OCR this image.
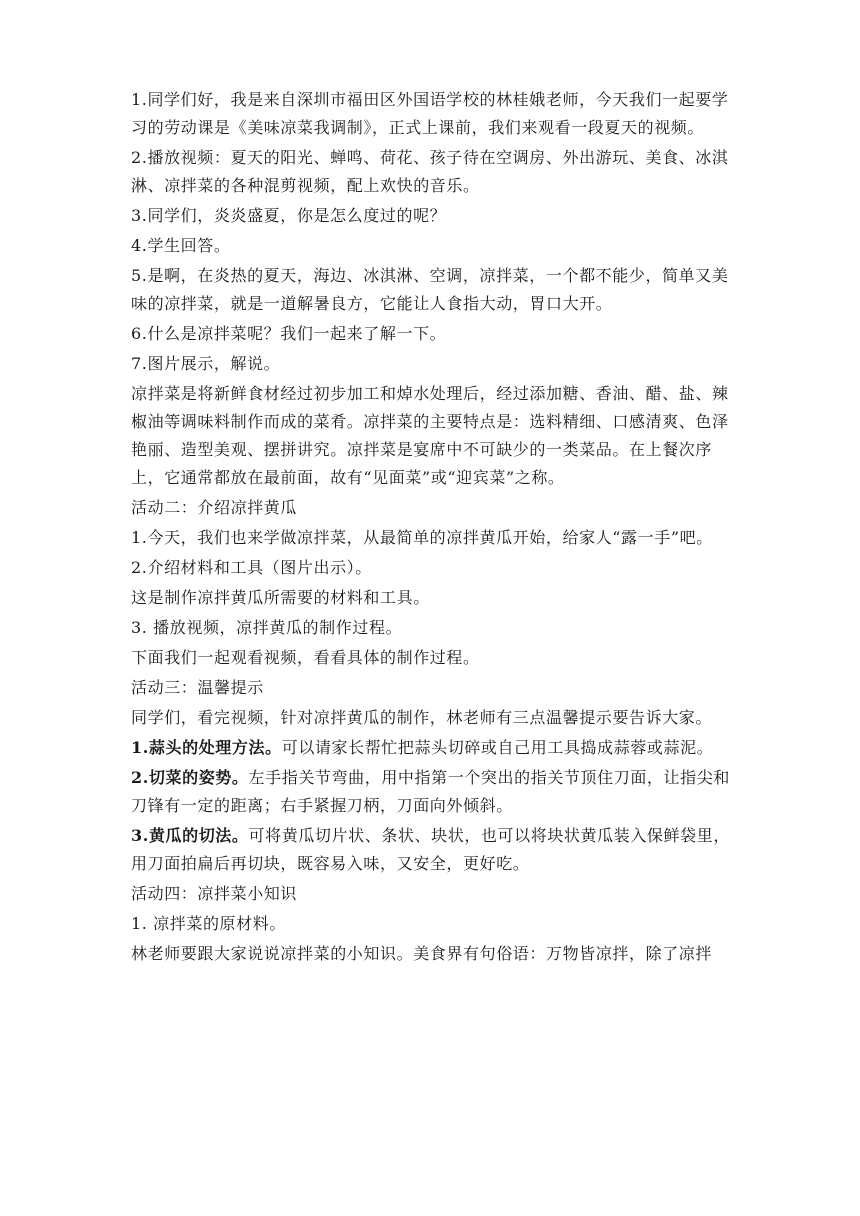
1.同学们好，我是来自深圳市福田区外国语学校的林桂娥老师，今天我们一起要学习的劳动课是《美味凉菜我调制》，正式上课前，我们来观看一段夏天的视频。

2.播放视频：夏天的阳光、蝉鸣、荷花、孩子待在空调房、外出游玩、美食、冰淇淋、凉拌菜的各种混剪视频，配上欢快的音乐。

3.同学们，炎炎盛夏，你是怎么度过的呢？

4.学生回答。

5.是啊，在炎热的夏天，海边、冰淇淋、空调，凉拌菜，一个都不能少，简单又美味的凉拌菜，就是一道解暑良方，它能让人食指大动，胃口大开。

6.什么是凉拌菜呢？我们一起来了解一下。

7.图片展示，解说。

凉拌菜是将新鲜食材经过初步加工和焯水处理后，经过添加糖、香油、醋、盐、辣椒油等调味料制作而成的菜肴。凉拌菜的主要特点是：选料精细、口感清爽、色泽艳丽、造型美观、摆拼讲究。凉拌菜是宴席中不可缺少的一类菜品。在上餐次序上，它通常都放在最前面，故有“见面菜”或“迎宾菜”之称。

活动二：介绍凉拌黄瓜

1.今天，我们也来学做凉拌菜，从最简单的凉拌黄瓜开始，给家人“露一手”吧。

2.介绍材料和工具（图片出示）。

这是制作凉拌黄瓜所需要的材料和工具。

3. 播放视频，凉拌黄瓜的制作过程。

下面我们一起观看视频，看看具体的制作过程。

活动三：温馨提示

同学们，看完视频，针对凉拌黄瓜的制作，林老师有三点温馨提示要告诉大家。

1.蒜头的处理方法。可以请家长帮忙把蒜头切碎或自己用工具捣成蒜蓉或蒜泥。

2.切菜的姿势。左手指关节弯曲，用中指第一个突出的指关节顶住刀面，让指尖和刀锋有一定的距离；右手紧握刀柄，刀面向外倾斜。

3.黄瓜的切法。可将黄瓜切片状、条状、块状，也可以将块状黄瓜装入保鲜袋里，用刀面拍扁后再切块，既容易入味，又安全，更好吃。

活动四：凉拌菜小知识

1. 凉拌菜的原材料。

林老师要跟大家说说凉拌菜的小知识。美食界有句俗语：万物皆凉拌，除了凉拌
